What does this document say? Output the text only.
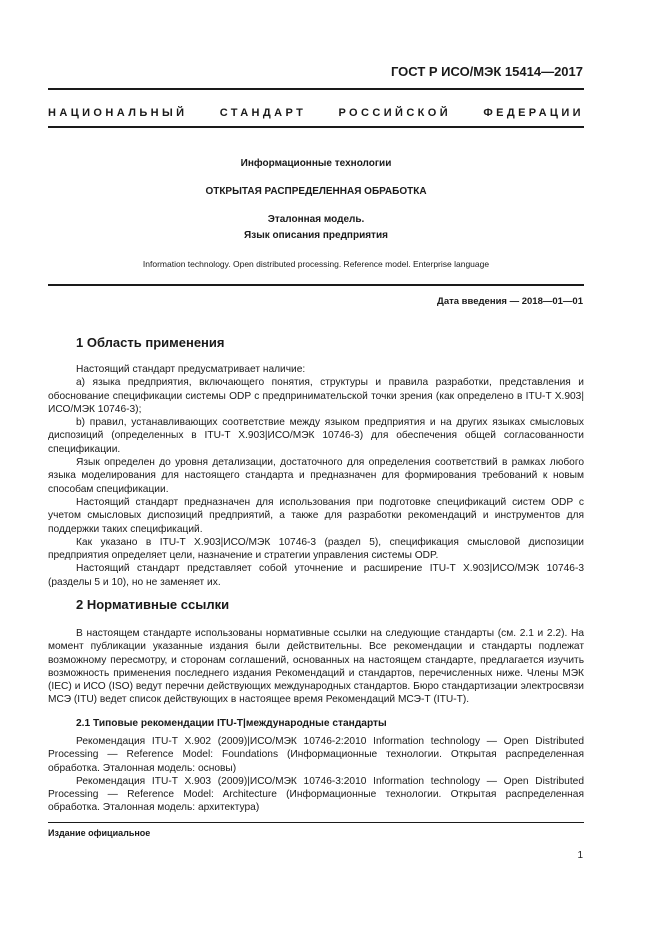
ГОСТ Р ИСО/МЭК 15414—2017
НАЦИОНАЛЬНЫЙ	СТАНДАРТ	РОССИЙСКОЙ	ФЕДЕРАЦИИ
Информационные технологии
ОТКРЫТАЯ РАСПРЕДЕЛЕННАЯ ОБРАБОТКА
Эталонная модель.
Язык описания предприятия
Information technology. Open distributed processing. Reference model. Enterprise language
Дата введения — 2018—01—01
1 Область применения

Настоящий стандарт предусматривает наличие:

a) языка предприятия, включающего понятия, структуры и правила разработки, представления и обоснование спецификации системы ODP с предпринимательской точки зрения (как определено в ITU-T X.903|ИСО/МЭК 10746-3);

b) правил, устанавливающих соответствие между языком предприятия и на других языках смысловых диспозиций (определенных в ITU-T X.903|ИСО/МЭК 10746-3) для обеспечения общей согласованности спецификации.

Язык определен до уровня детализации, достаточного для определения соответствий в рамках любого языка моделирования для настоящего стандарта и предназначен для формирования требований к новым способам спецификации.

Настоящий стандарт предназначен для использования при подготовке спецификаций систем ODP с учетом смысловых диспозиций предприятий, а также для разработки рекомендаций и инструментов для поддержки таких спецификаций.

Как указано в ITU-T X.903|ИСО/МЭК 10746-3 (раздел 5), спецификация смысловой диспозиции предприятия определяет цели, назначение и стратегии управления системы ODP.

Настоящий стандарт представляет собой уточнение и расширение ITU-T X.903|ИСО/МЭК 10746-3 (разделы 5 и 10), но не заменяет их.

2 Нормативные ссылки

В настоящем стандарте использованы нормативные ссылки на следующие стандарты (см. 2.1 и 2.2). На момент публикации указанные издания были действительны. Все рекомендации и стандарты подлежат возможному пересмотру, и сторонам соглашений, основанных на настоящем стандарте, предлагается изучить возможность применения последнего издания Рекомендаций и стандартов, перечисленных ниже. Члены МЭК (IEC) и ИСО (ISO) ведут перечни действующих международных стандартов. Бюро стандартизации электросвязи МСЭ (ITU) ведет список действующих в настоящее время Рекомендаций МСЭ-Т (ITU-T).

2.1 Типовые рекомендации ITU-T|международные стандарты

Рекомендация ITU-T X.902 (2009)|ИСО/МЭК 10746-2:2010 Information technology — Open Distributed Processing — Reference Model: Foundations (Информационные технологии. Открытая распределенная обработка. Эталонная модель: основы)

Рекомендация ITU-T X.903 (2009)|ИСО/МЭК 10746-3:2010 Information technology — Open Distributed Processing — Reference Model: Architecture (Информационные технологии. Открытая распределенная обработка. Эталонная модель: архитектура)

Издание официальное
1
